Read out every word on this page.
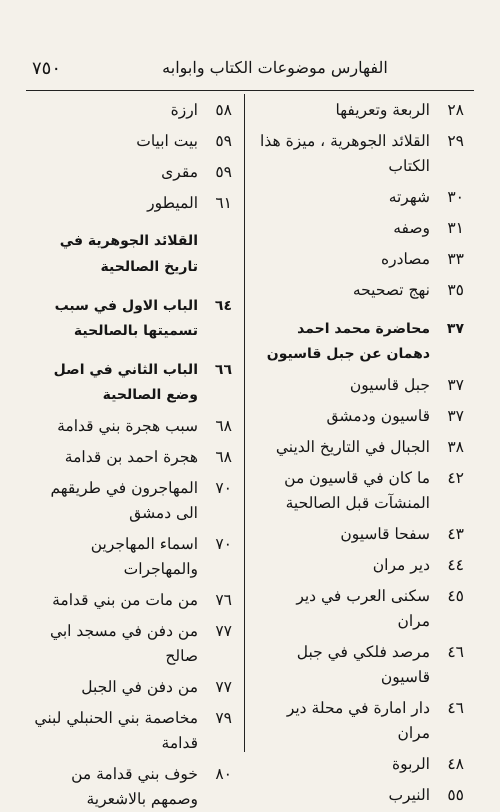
٧٥٠	الفهارس موضوعات الكتاب وابوابه
٢٨
الربعة وتعريفها
٢٩
القلائد الجوهرية ، ميزة هذا الكتاب
٣٠
شهرته
٣١
وصفه
٣٣
مصادره
٣٥
نهج تصحيحه
٣٧
محاضرة محمد احمد دهمان عن جبل قاسيون
٣٧
جبل قاسيون
٣٧
قاسيون ودمشق
٣٨
الجبال في التاريخ الديني
٤٢
ما كان في قاسيون من المنشآت قبل الصالحية
٤٣
سفحا قاسيون
٤٤
دير مران
٤٥
سكنى العرب في دير مران
٤٦
مرصد فلكي في جبل قاسيون
٤٦
دار امارة في محلة دير مران
٤٨
الربوة
٥٥
النيرب
٥٨
ارزة
٥٩
بيت ابيات
٥٩
مقرى
٦١
الميطور
القلائد الجوهرية في تاريخ الصالحية
٦٤
الباب الاول في سبب تسميتها بالصالحية
٦٦
الباب الثاني في اصل وضع الصالحية
٦٨
سبب هجرة بني قدامة
٦٨
هجرة احمد بن قدامة
٧٠
المهاجرون في طريقهم الى دمشق
٧٠
اسماء المهاجرين والمهاجرات
٧٦
من مات من بني قدامة
٧٧
من دفن في مسجد ابي صالح
٧٧
من دفن في الجبل
٧٩
مخاصمة بني الحنبلي لبني قدامة
٨٠
خوف بني قدامة من وصمهم بالاشعرية
